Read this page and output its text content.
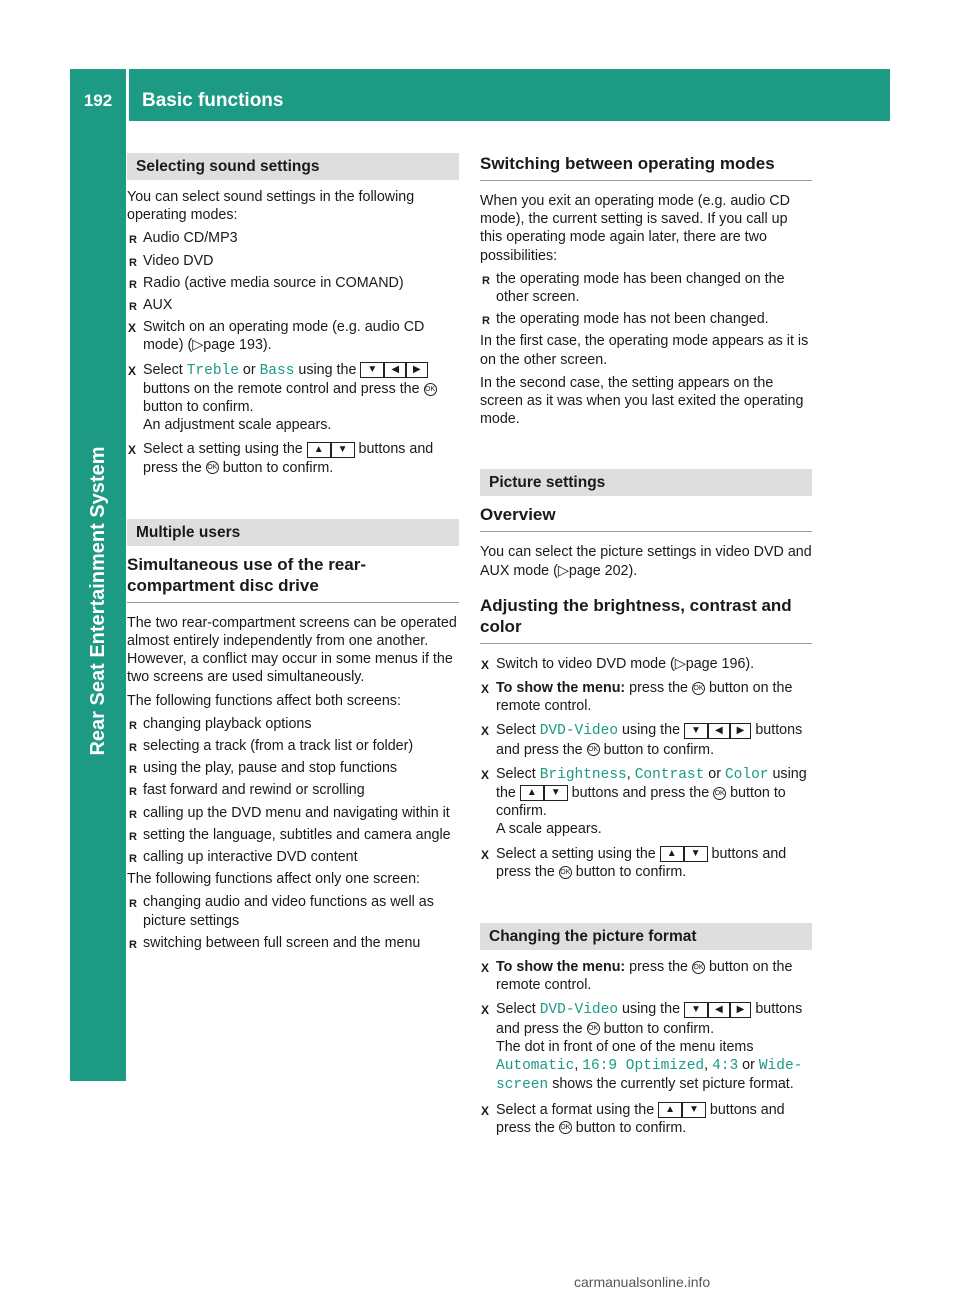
192	Basic functions
Rear Seat Entertainment System
Selecting sound settings

You can select sound settings in the following operating modes:

R Audio CD/MP3
R Video DVD
R Radio (active media source in COMAND)
R AUX
X Switch on an operating mode (e.g. audio CD mode) (▷page 193).
X Select Treble or Bass using the ▼ ◀ ▶ buttons on the remote control and press the OK button to confirm.
An adjustment scale appears.
X Select a setting using the ▲ ▼ buttons and press the OK button to confirm.
Multiple users
Simultaneous use of the rear-compartment disc drive

The two rear-compartment screens can be operated almost entirely independently from one another. However, a conflict may occur in some menus if the two screens are used simultaneously.

The following functions affect both screens:

R changing playback options
R selecting a track (from a track list or folder)
R using the play, pause and stop functions
R fast forward and rewind or scrolling
R calling up the DVD menu and navigating within it
R setting the language, subtitles and camera angle
R calling up interactive DVD content

The following functions affect only one screen:

R changing audio and video functions as well as picture settings
R switching between full screen and the menu
Switching between operating modes

When you exit an operating mode (e.g. audio CD mode), the current setting is saved. If you call up this operating mode again later, there are two possibilities:

R the operating mode has been changed on the other screen.
R the operating mode has not been changed.

In the first case, the operating mode appears as it is on the other screen.

In the second case, the setting appears on the screen as it was when you last exited the operating mode.

Picture settings
Overview

You can select the picture settings in video DVD and AUX mode (▷page 202).

Adjusting the brightness, contrast and color
X Switch to video DVD mode (▷page 196).
X To show the menu: press the OK button on the remote control.
X Select DVD-Video using the ▼ ◀ ▶ buttons and press the OK button to confirm.
X Select Brightness, Contrast or Color using the ▲ ▼ buttons and press the OK button to confirm.
A scale appears.
X Select a setting using the ▲ ▼ buttons and press the OK button to confirm.
Changing the picture format
X To show the menu: press the OK button on the remote control.
X Select DVD-Video using the ▼ ◀ ▶ buttons and press the OK button to confirm.
The dot in front of one of the menu items Automatic, 16:9 Optimized, 4:3 or Wide-screen shows the currently set picture format.
X Select a format using the ▲ ▼ buttons and press the OK button to confirm.
carmanualsonline.info
